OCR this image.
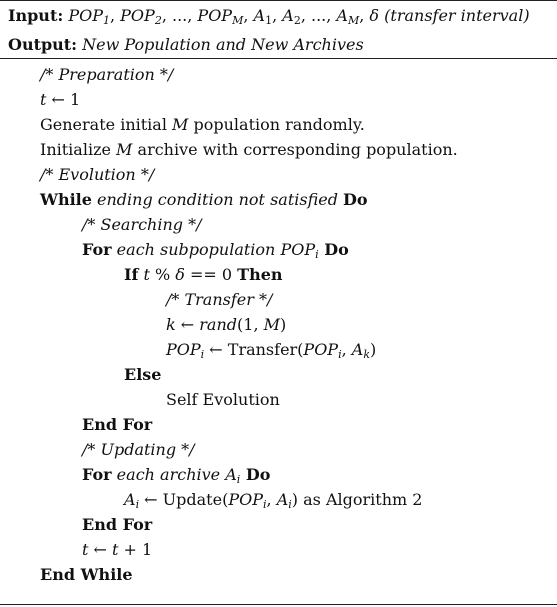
Input: $POP_1$, $POP_2$, ..., $POP_M$, $A_1$, $A_2$, ..., $A_M$, δ (transfer interval)
Output: New Population and New Archives
/* Preparation */
t ← 1
Generate initial M population randomly.
Initialize M archive with corresponding population.
/* Evolution */
While ending condition not satisfied Do
/* Searching */
For each subpopulation $POP_i$ Do
If t % δ == 0 Then
/* Transfer */
k ← rand(1, M)
$POP_i$ ← $Transfer(POP_i$, $A_k$)
Else
Self Evolution
End For
/* Updating */
For each archive $A_i$ Do
$A_i$ ← $Update(POP_i$, $A_i$) as Algorithm 2
End For
t ← t + 1
End While
